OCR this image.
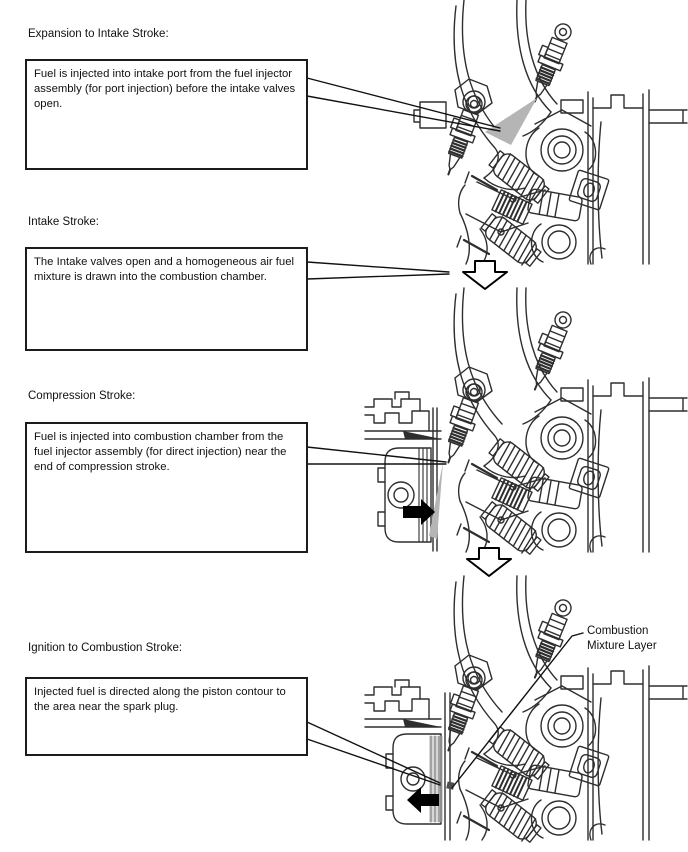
Expansion to Intake Stroke:
Fuel is injected into intake port from the fuel injector assembly (for port injection) before the intake valves open.
Intake Stroke:
The Intake valves open and a homogeneous air fuel mixture is drawn into the combustion chamber.
Compression Stroke:
Fuel is injected into combustion chamber from the fuel injector assembly (for direct injection) near the end of compression stroke.
Ignition to Combustion Stroke:
Injected fuel is directed along the piston contour to the area near the spark plug.
Combustion Mixture Layer
